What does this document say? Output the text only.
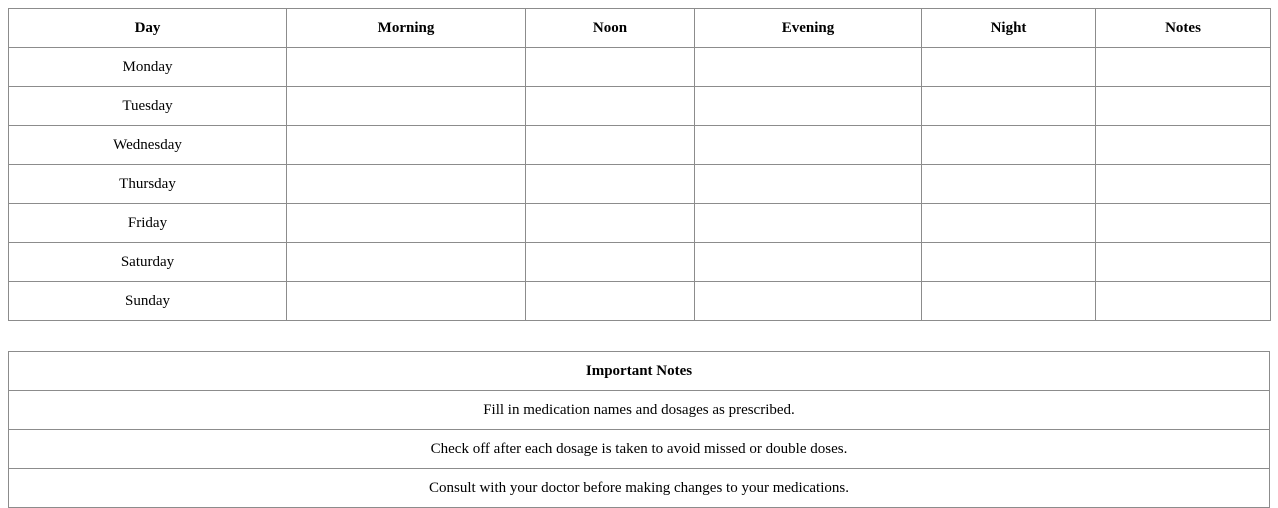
Day	Morning	Noon	Evening	Night	Notes
Monday					
Tuesday					
Wednesday					
Thursday					
Friday					
Saturday					
Sunday					
Important Notes
Fill in medication names and dosages as prescribed.
Check off after each dosage is taken to avoid missed or double doses.
Consult with your doctor before making changes to your medications.
